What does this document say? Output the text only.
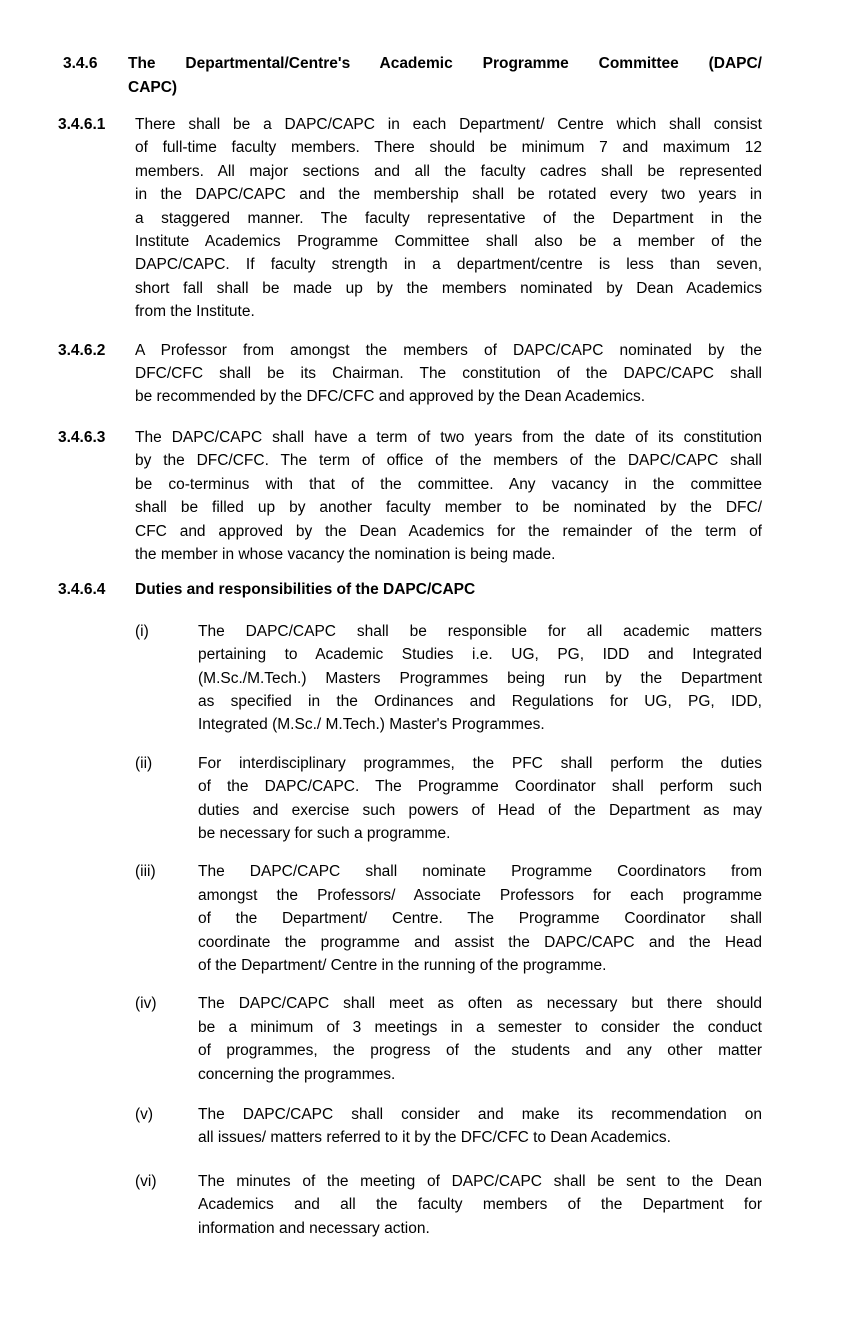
3.4.6	The Departmental/Centre's Academic Programme Committee (DAPC/
CAPC)
3.4.6.1	There shall be a DAPC/CAPC in each Department/ Centre which shall consist
of full-time faculty members. There should be minimum 7 and maximum 12
members. All major sections and all the faculty cadres shall be represented
in the DAPC/CAPC and the membership shall be rotated every two years in
a staggered manner. The faculty representative of the Department in the
Institute Academics Programme Committee shall also be a member of the
DAPC/CAPC. If faculty strength in a department/centre is less than seven,
short fall shall be made up by the members nominated by Dean Academics
from the Institute.
3.4.6.2	A Professor from amongst the members of DAPC/CAPC nominated by the
DFC/CFC shall be its Chairman. The constitution of the DAPC/CAPC shall
be recommended by the DFC/CFC and approved by the Dean Academics.
3.4.6.3	The DAPC/CAPC shall have a term of two years from the date of its constitution
by the DFC/CFC. The term of office of the members of the DAPC/CAPC shall
be co-terminus with that of the committee. Any vacancy in the committee
shall be filled up by another faculty member to be nominated by the DFC/
CFC and approved by the Dean Academics for the remainder of the term of
the member in whose vacancy the nomination is being made.
3.4.6.4	Duties and responsibilities of the DAPC/CAPC
(i)	The DAPC/CAPC shall be responsible for all academic matters
pertaining to Academic Studies i.e. UG, PG, IDD and Integrated
(M.Sc./M.Tech.) Masters Programmes being run by the Department
as specified in the Ordinances and Regulations for UG, PG, IDD,
Integrated (M.Sc./ M.Tech.) Master's Programmes.
(ii)	For interdisciplinary programmes, the PFC shall perform the duties
of the DAPC/CAPC. The Programme Coordinator shall perform such
duties and exercise such powers of Head of the Department as may
be necessary for such a programme.
(iii)	The DAPC/CAPC shall nominate Programme Coordinators from
amongst the Professors/ Associate Professors for each programme
of the Department/ Centre. The Programme Coordinator shall
coordinate the programme and assist the DAPC/CAPC and the Head
of the Department/ Centre in the running of the programme.
(iv)	The DAPC/CAPC shall meet as often as necessary but there should
be a minimum of 3 meetings in a semester to consider the conduct
of programmes, the progress of the students and any other matter
concerning the programmes.
(v)	The DAPC/CAPC shall consider and make its recommendation on
all issues/ matters referred to it by the DFC/CFC to Dean Academics.
(vi)	The minutes of the meeting of DAPC/CAPC shall be sent to the Dean
Academics and all the faculty members of the Department for
information and necessary action.
